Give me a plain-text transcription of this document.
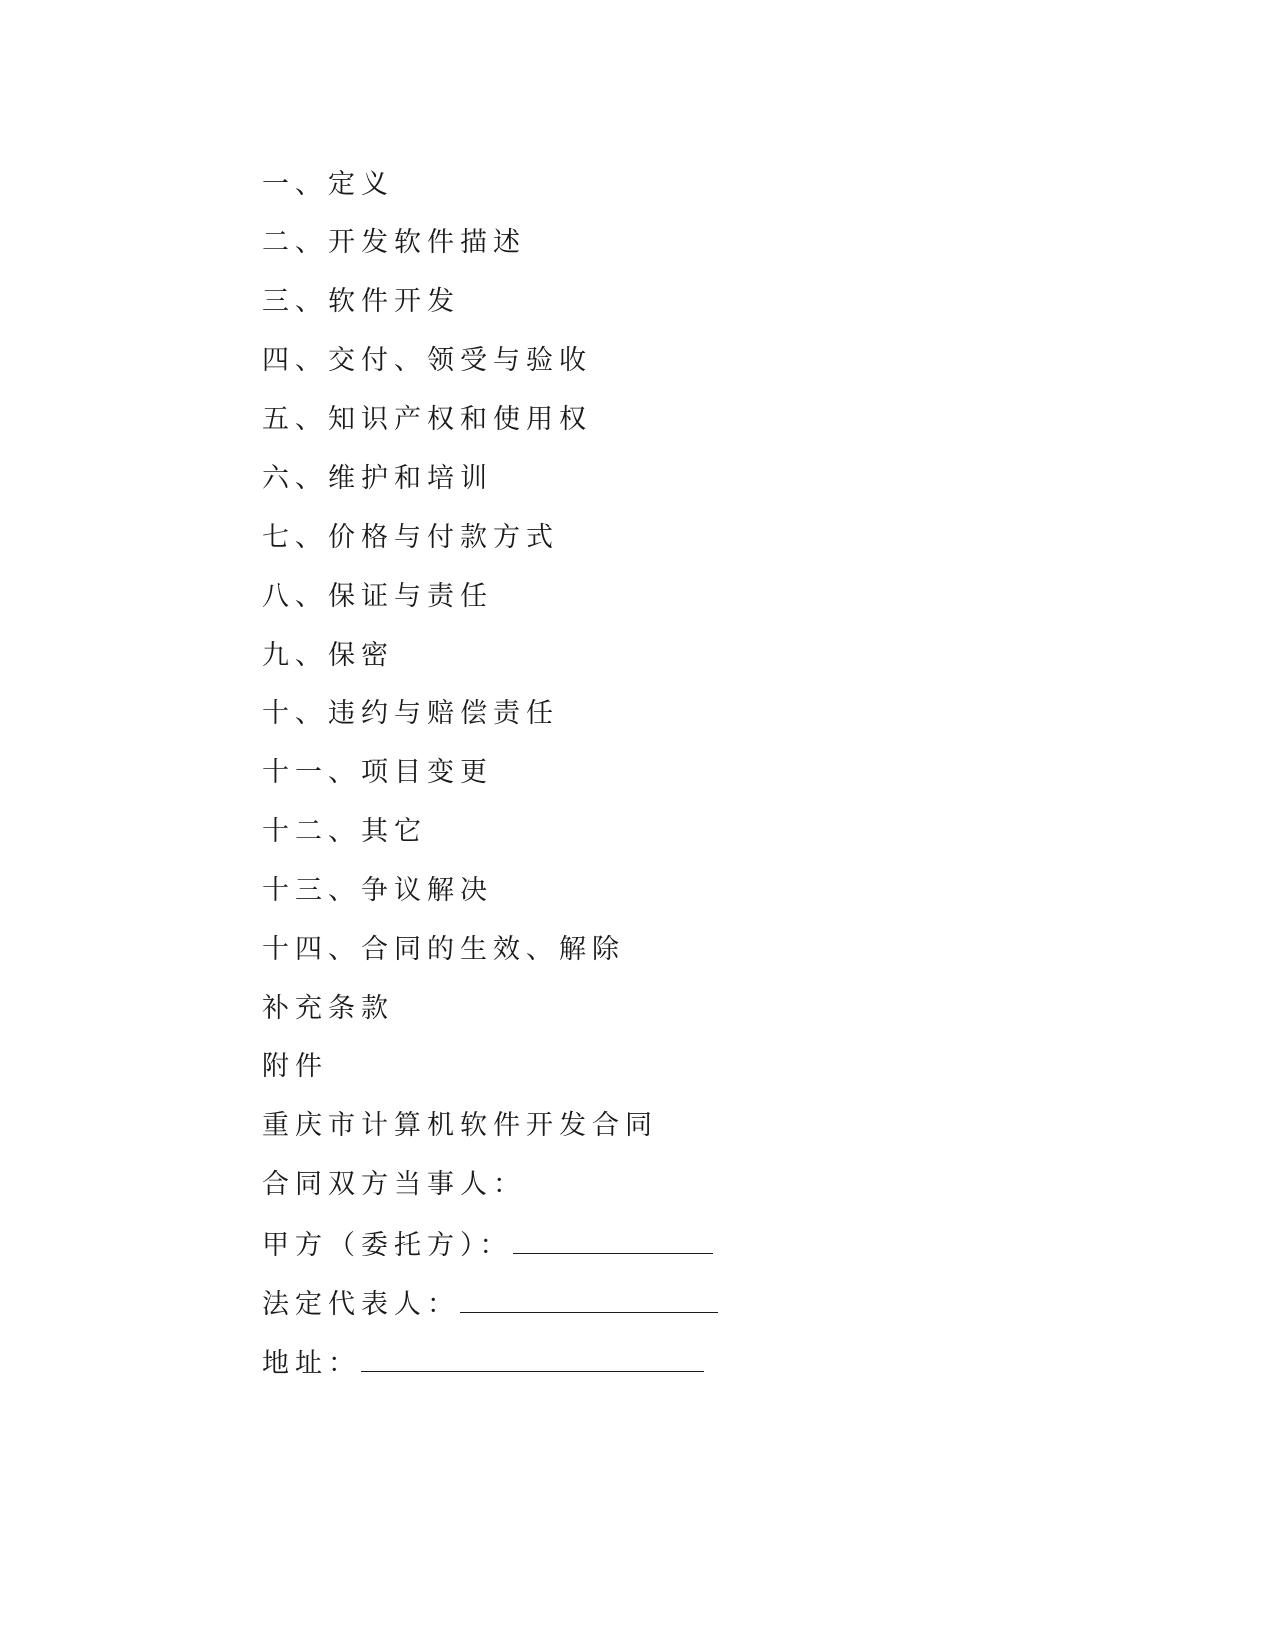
一、定义
二、开发软件描述
三、软件开发
四、交付、领受与验收
五、知识产权和使用权
六、维护和培训
七、价格与付款方式
八、保证与责任
九、保密
十、违约与赔偿责任
十一、项目变更
十二、其它
十三、争议解决
十四、合同的生效、解除
补充条款
附件
重庆市计算机软件开发合同
合同双方当事人：
甲方（委托方）：
法定代表人：
地址：
